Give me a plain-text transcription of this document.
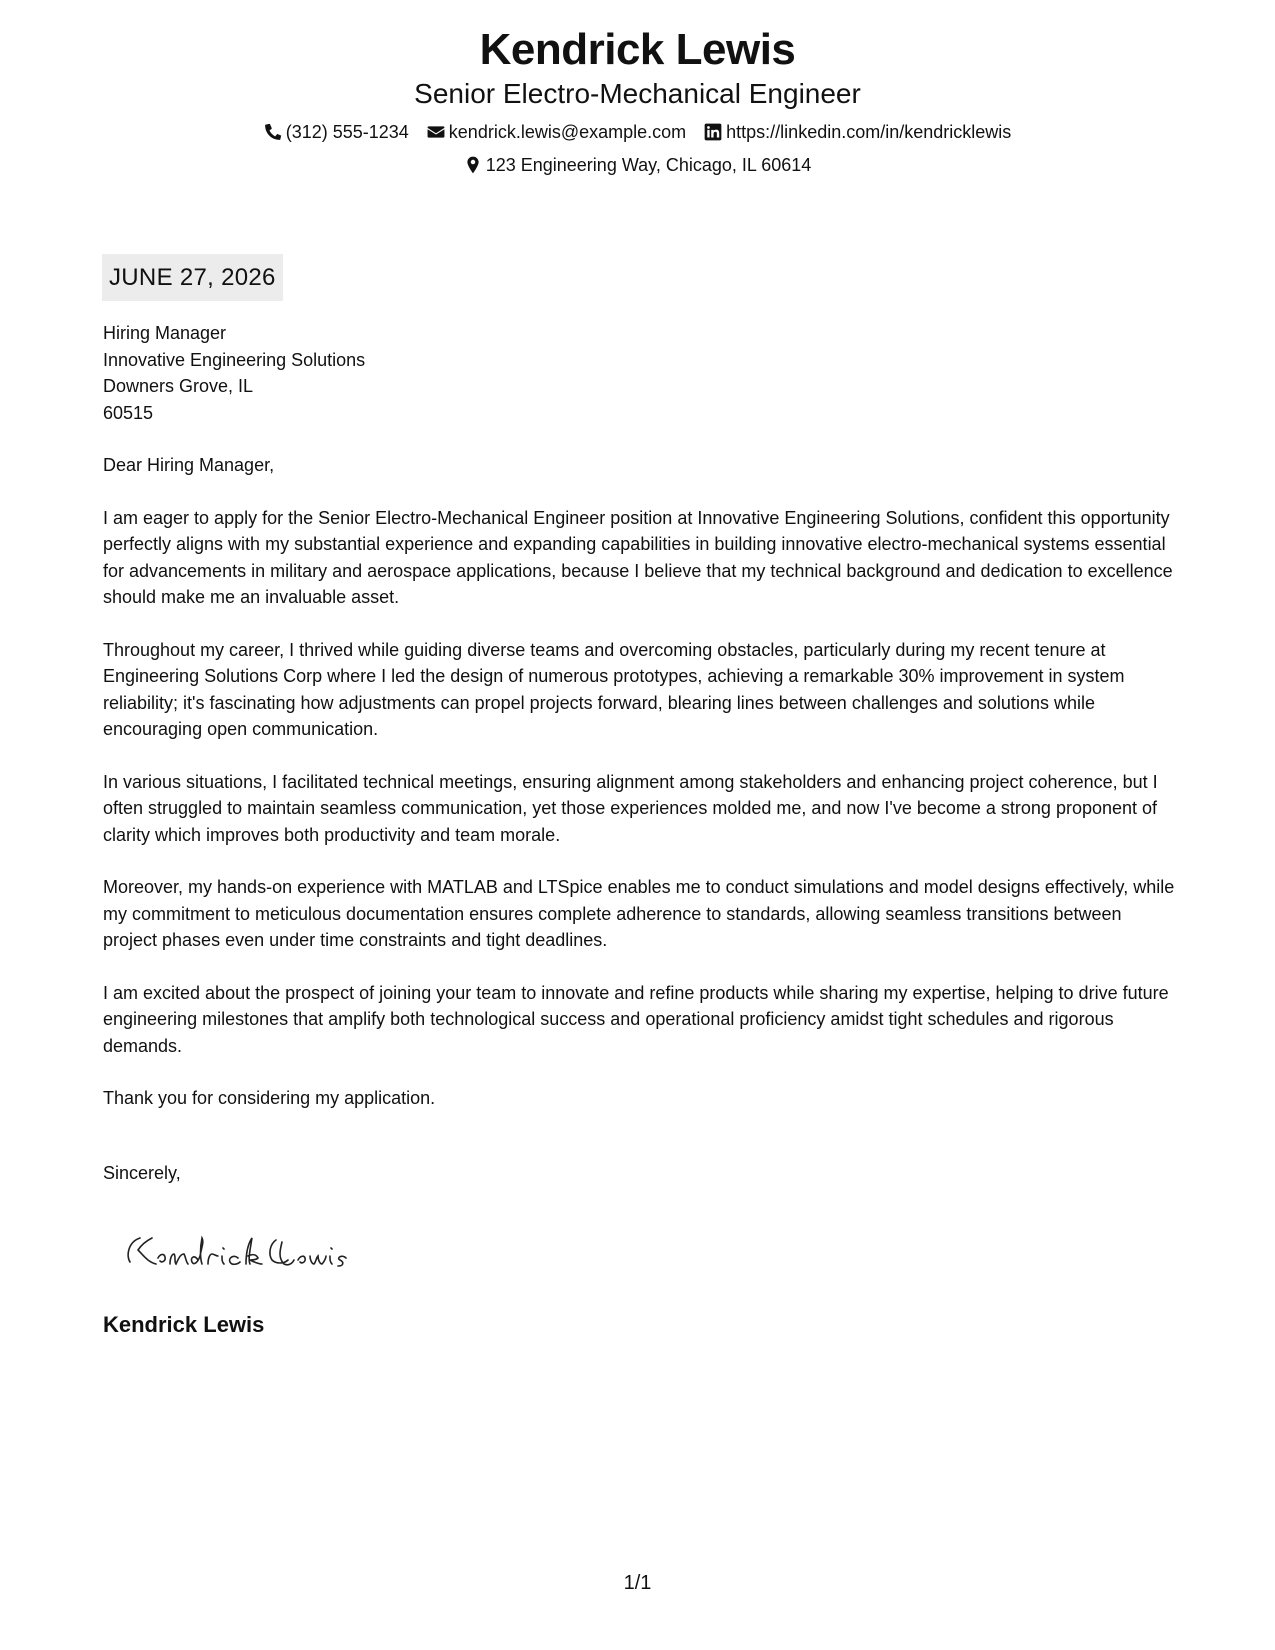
Kendrick Lewis
Senior Electro-Mechanical Engineer
(312) 555-1234 kendrick.lewis@example.com https://linkedin.com/in/kendricklewis
123 Engineering Way, Chicago, IL 60614
JUNE 27, 2026
Hiring Manager
Innovative Engineering Solutions
Downers Grove, IL
60515

Dear Hiring Manager,

I am eager to apply for the Senior Electro-Mechanical Engineer position at Innovative Engineering Solutions, confident this opportunity perfectly aligns with my substantial experience and expanding capabilities in building innovative electro-mechanical systems essential for advancements in military and aerospace applications, because I believe that my technical background and dedication to excellence should make me an invaluable asset.

Throughout my career, I thrived while guiding diverse teams and overcoming obstacles, particularly during my recent tenure at Engineering Solutions Corp where I led the design of numerous prototypes, achieving a remarkable 30% improvement in system reliability; it's fascinating how adjustments can propel projects forward, blearing lines between challenges and solutions while encouraging open communication.

In various situations, I facilitated technical meetings, ensuring alignment among stakeholders and enhancing project coherence, but I often struggled to maintain seamless communication, yet those experiences molded me, and now I've become a strong proponent of clarity which improves both productivity and team morale.

Moreover, my hands-on experience with MATLAB and LTSpice enables me to conduct simulations and model designs effectively, while my commitment to meticulous documentation ensures complete adherence to standards, allowing seamless transitions between project phases even under time constraints and tight deadlines.

I am excited about the prospect of joining your team to innovate and refine products while sharing my expertise, helping to drive future engineering milestones that amplify both technological success and operational proficiency amidst tight schedules and rigorous demands.

Thank you for considering my application.

Sincerely,
Kendrick Lewis
1/1
